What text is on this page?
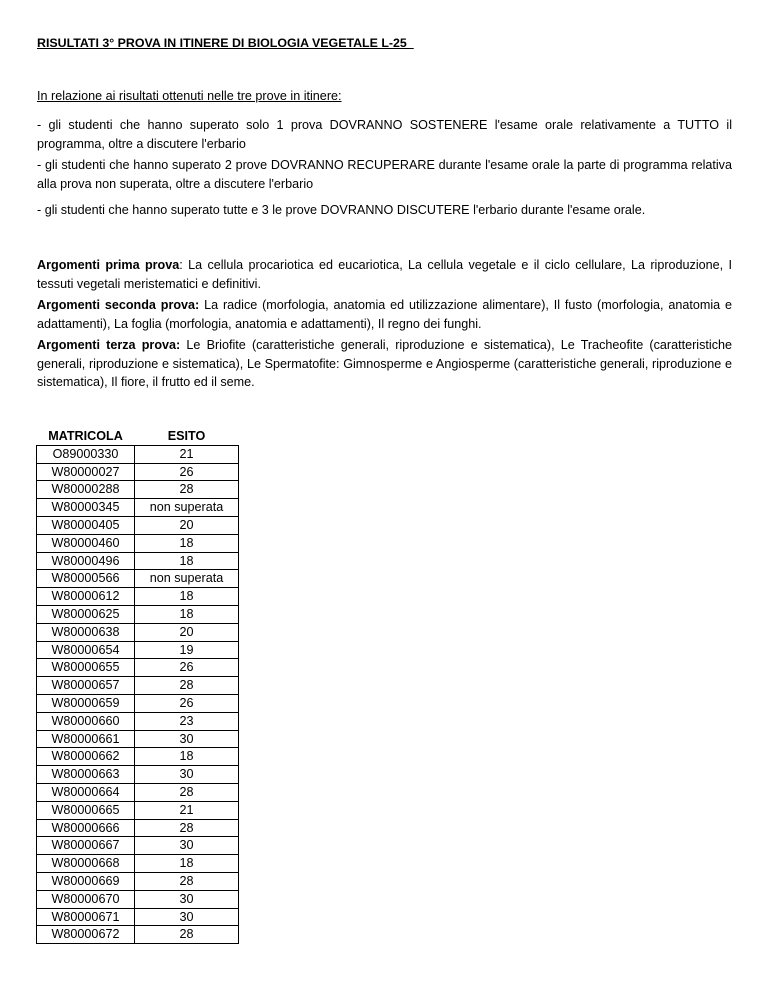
RISULTATI 3° PROVA IN ITINERE DI BIOLOGIA VEGETALE L-25
In relazione ai risultati ottenuti nelle tre prove in itinere:
- gli studenti che hanno superato solo 1 prova DOVRANNO SOSTENERE l'esame orale relativamente a TUTTO il programma, oltre a discutere l'erbario
- gli studenti che hanno superato 2 prove DOVRANNO RECUPERARE durante l'esame orale la parte di programma relativa alla prova non superata, oltre a discutere l'erbario
- gli studenti che hanno superato tutte e 3 le prove DOVRANNO DISCUTERE l'erbario durante l'esame orale.
Argomenti prima prova: La cellula procariotica ed eucariotica, La cellula vegetale e il ciclo cellulare, La riproduzione, I tessuti vegetali meristematici e definitivi.
Argomenti seconda prova: La radice (morfologia, anatomia ed utilizzazione alimentare), Il fusto (morfologia, anatomia e adattamenti), La foglia (morfologia, anatomia e adattamenti), Il regno dei funghi.
Argomenti terza prova: Le Briofite (caratteristiche generali, riproduzione e sistematica), Le Tracheofite (caratteristiche generali, riproduzione e sistematica), Le Spermatofite: Gimnosperme e Angiosperme (caratteristiche generali, riproduzione e sistematica), Il fiore, il frutto ed il seme.
MATRICOLA	ESITO
O89000330	21
W80000027	26
W80000288	28
W80000345	non superata
W80000405	20
W80000460	18
W80000496	18
W80000566	non superata
W80000612	18
W80000625	18
W80000638	20
W80000654	19
W80000655	26
W80000657	28
W80000659	26
W80000660	23
W80000661	30
W80000662	18
W80000663	30
W80000664	28
W80000665	21
W80000666	28
W80000667	30
W80000668	18
W80000669	28
W80000670	30
W80000671	30
W80000672	28
